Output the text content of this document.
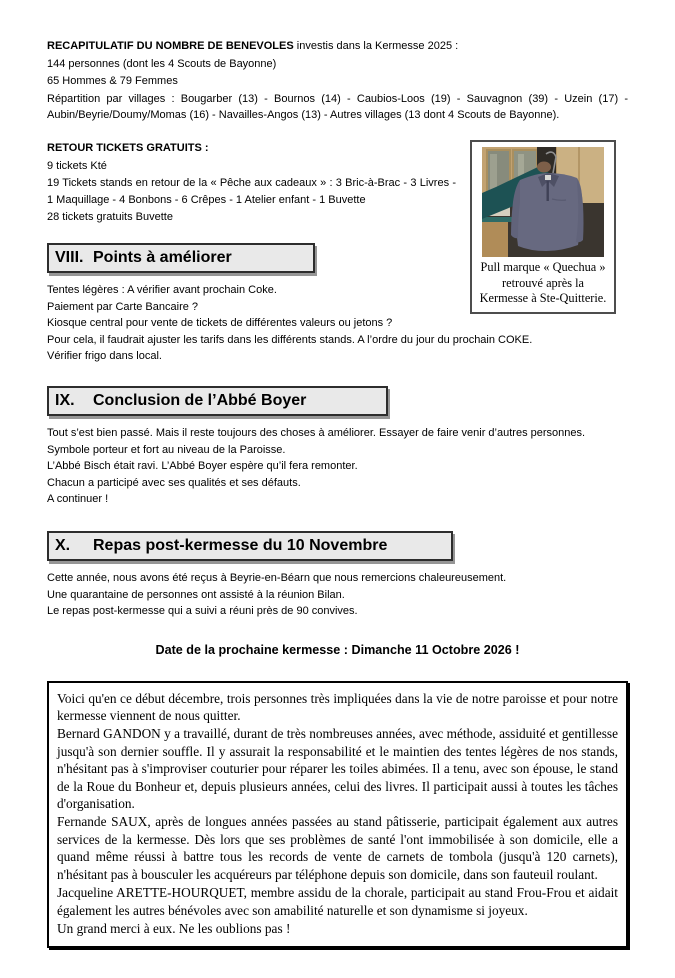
RECAPITULATIF DU NOMBRE DE BENEVOLES investis dans la Kermesse 2025 :

144 personnes (dont les 4 Scouts de Bayonne)

65 Hommes & 79 Femmes

Répartition par villages : Bougarber (13) - Bournos (14) - Caubios-Loos (19) - Sauvagnon (39) - Uzein (17) - Aubin/Beyrie/Doumy/Momas (16) - Navailles-Angos (13) - Autres villages (13 dont 4 Scouts de Bayonne).

Pull marque « Quechua »
retrouvé après la
Kermesse à Ste-Quitterie.

RETOUR TICKETS GRATUITS :

9 tickets Kté

19 Tickets stands en retour de la « Pêche aux cadeaux » : 3 Bric-à-Brac - 3 Livres - 1 Maquillage - 4 Bonbons - 6 Crêpes - 1 Atelier enfant - 1 Buvette

28 tickets gratuits Buvette

VIII. Points à améliorer

Tentes légères : A vérifier avant prochain Coke.

Paiement par Carte Bancaire ?

Kiosque central pour vente de tickets de différentes valeurs ou jetons ?

Pour cela, il faudrait ajuster les tarifs dans les différents stands. A l’ordre du jour du prochain COKE.

Vérifier frigo dans local.

IX.	Conclusion de l’Abbé Boyer

Tout s’est bien passé. Mais il reste toujours des choses à améliorer. Essayer de faire venir d’autres personnes.

Symbole porteur et fort au niveau de la Paroisse.

L’Abbé Bisch était ravi. L’Abbé Boyer espère qu’il fera remonter.

Chacun a participé avec ses qualités et ses défauts.

A continuer !

X.	Repas post-kermesse du 10 Novembre

Cette année, nous avons été reçus à Beyrie-en-Béarn que nous remercions chaleureusement.

Une quarantaine de personnes ont assisté à la réunion Bilan.

Le repas post-kermesse qui a suivi a réuni près de 90 convives.

Date de la prochaine kermesse : Dimanche 11 Octobre 2026 !

Voici qu'en ce début décembre, trois personnes très impliquées dans la vie de notre paroisse et pour notre kermesse viennent de nous quitter.

Bernard GANDON y a travaillé, durant de très nombreuses années, avec méthode, assiduité et gentillesse jusqu'à son dernier souffle. Il y assurait la responsabilité et le maintien des tentes légères de nos stands, n'hésitant pas à s'improviser couturier pour réparer les toiles abimées. Il a tenu, avec son épouse, le stand de la Roue du Bonheur et, depuis plusieurs années, celui des livres. Il participait aussi à toutes les tâches d'organisation.

Fernande SAUX, après de longues années passées au stand pâtisserie, participait également aux autres services de la kermesse. Dès lors que ses problèmes de santé l'ont immobilisée à son domicile, elle a quand même réussi à battre tous les records de vente de carnets de tombola (jusqu'à 120 carnets), n'hésitant pas à bousculer les acquéreurs par téléphone depuis son domicile, dans son fauteuil roulant.

Jacqueline ARETTE-HOURQUET, membre assidu de la chorale, participait au stand Frou-Frou et aidait également les autres bénévoles avec son amabilité naturelle et son dynamisme si joyeux.

Un grand merci à eux. Ne les oublions pas !
